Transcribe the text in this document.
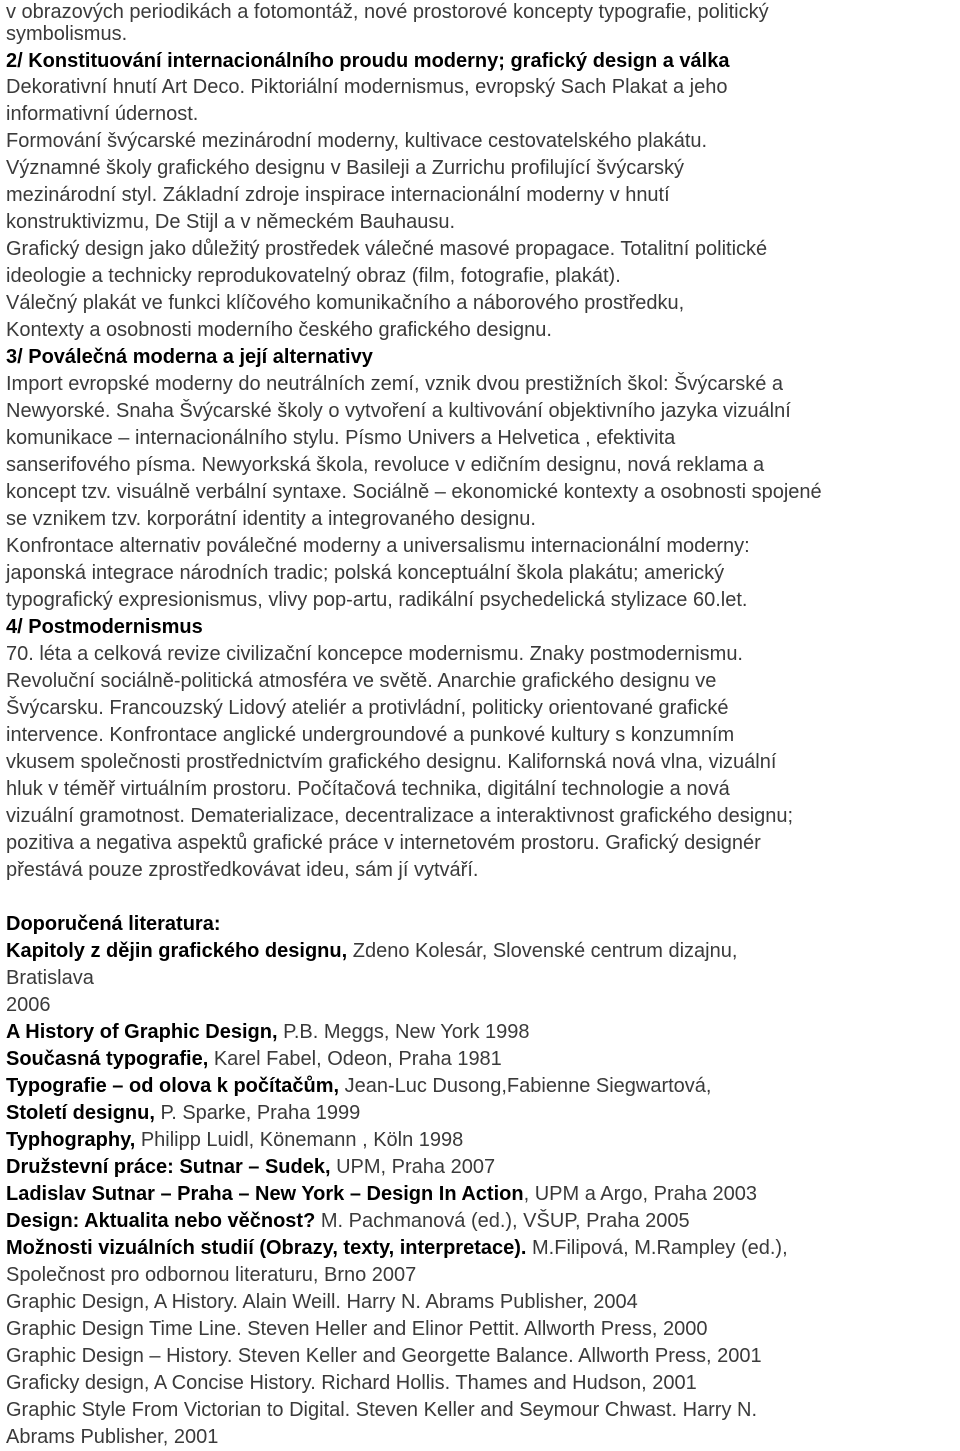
v obrazových periodikách a fotomontáž, nové prostorové koncepty typografie, politický
symbolismus.
2/ Konstituování internacionálního proudu moderny; grafický design a válka
Dekorativní hnutí Art Deco. Piktoriální modernismus, evropský Sach Plakat a jeho
informativní údernost.
Formování švýcarské mezinárodní moderny, kultivace cestovatelského plakátu.
Významné školy grafického designu v Basileji a Zurrichu profilující švýcarský
mezinárodní styl. Základní zdroje inspirace internacionální moderny v hnutí
konstruktivizmu, De Stijl a v německém Bauhausu.
Grafický design jako důležitý prostředek válečné masové propagace. Totalitní politické
ideologie a technicky reprodukovatelný obraz (film, fotografie, plakát).
Válečný plakát ve funkci klíčového komunikačního a náborového prostředku,
Kontexty a osobnosti moderního českého grafického designu.
3/ Poválečná moderna a její alternativy
Import evropské moderny do neutrálních zemí, vznik dvou prestižních škol: Švýcarské a
Newyorské. Snaha Švýcarské školy o vytvoření a kultivování objektivního jazyka vizuální
komunikace – internacionálního stylu. Písmo Univers a Helvetica , efektivita
sanserifového písma. Newyorkská škola, revoluce v edičním designu, nová reklama a
koncept tzv. visuálně verbální syntaxe. Sociálně – ekonomické kontexty a osobnosti spojené
se vznikem tzv. korporátní identity a integrovaného designu.
Konfrontace alternativ poválečné moderny a universalismu internacionální moderny:
japonská integrace národních tradic; polská konceptuální škola plakátu; americký
typografický expresionismus, vlivy pop-artu, radikální psychedelická stylizace 60.let.
4/ Postmodernismus
70. léta a celková revize civilizační koncepce modernismu. Znaky postmodernismu.
Revoluční sociálně-politická atmosféra ve světě. Anarchie grafického designu ve
Švýcarsku. Francouzský Lidový ateliér a protivládní, politicky orientované grafické
intervence. Konfrontace anglické undergroundové a punkové kultury s konzumním
vkusem společnosti prostřednictvím grafického designu. Kalifornská nová vlna, vizuální
hluk v téměř virtuálním prostoru. Počítačová technika, digitální technologie a nová
vizuální gramotnost. Dematerializace, decentralizace a interaktivnost grafického designu;
pozitiva a negativa aspektů grafické práce v internetovém prostoru. Grafický designér
přestává pouze zprostředkovávat ideu, sám jí vytváří.
Doporučená literatura:
Kapitoly z dějin grafického designu, Zdeno Kolesár, Slovenské centrum dizajnu,
Bratislava
2006
A History of Graphic Design, P.B. Meggs, New York 1998
Současná typografie, Karel Fabel, Odeon, Praha 1981
Typografie – od olova k počítačům, Jean-Luc Dusong,Fabienne Siegwartová,
Století designu, P. Sparke, Praha 1999
Typhography, Philipp Luidl, Könemann , Köln 1998
Družstevní práce: Sutnar – Sudek, UPM, Praha 2007
Ladislav Sutnar – Praha – New York – Design In Action, UPM a Argo, Praha 2003
Design: Aktualita nebo věčnost? M. Pachmanová (ed.), VŠUP, Praha 2005
Možnosti vizuálních studií (Obrazy, texty, interpretace). M.Filipová, M.Rampley (ed.),
Společnost pro odbornou literaturu, Brno 2007
Graphic Design, A History. Alain Weill. Harry N. Abrams Publisher, 2004
Graphic Design Time Line. Steven Heller and Elinor Pettit. Allworth Press, 2000
Graphic Design – History. Steven Keller and Georgette Balance. Allworth Press, 2001
Graficky design, A Concise History. Richard Hollis. Thames and Hudson, 2001
Graphic Style From Victorian to Digital. Steven Keller and Seymour Chwast. Harry N.
Abrams Publisher, 2001
